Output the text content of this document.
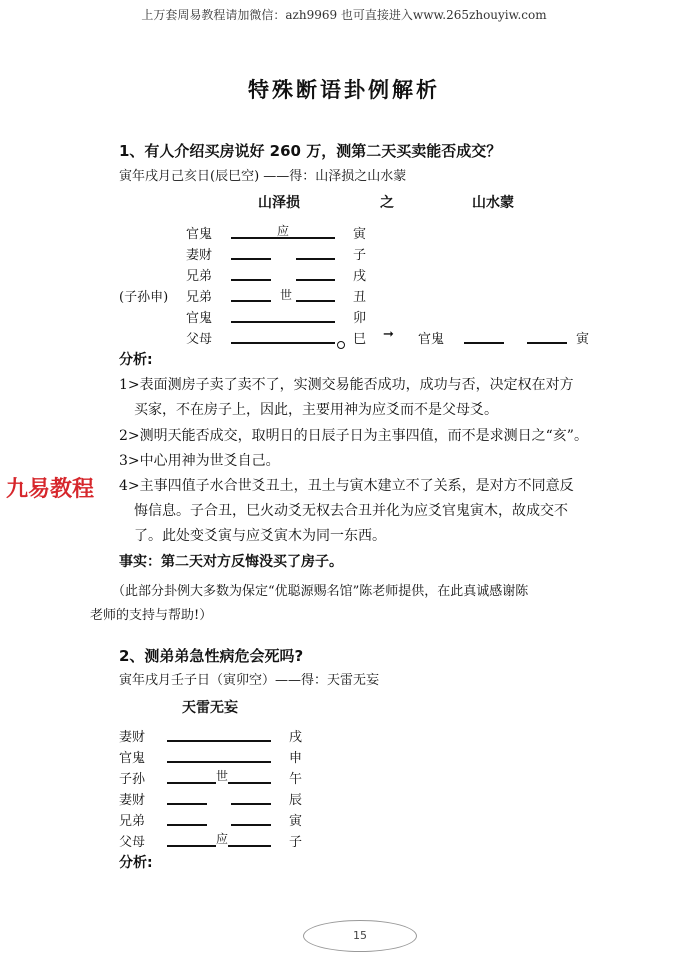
上万套周易教程请加微信：azh9969 也可直接进入www.265zhouyiw.com
特殊断语卦例解析
1、有人介绍买房说好 260 万，测第二天买卖能否成交？
寅年戌月己亥日(辰巳空) ——得：山泽损之山水蒙
山泽损	之	山水蒙
官鬼	应	寅
妻财	子
兄弟	戌
(子孙申) 兄弟	世	丑
官鬼	卯
父母	巳 ➞ 官鬼	寅
分析:
1>表面测房子卖了卖不了，实测交易能否成功，成功与否，决定权在对方
买家，不在房子上，因此，主要用神为应爻而不是父母爻。
2>测明天能否成交，取明日的日辰子日为主事四值，而不是求测日之“亥”。
3>中心用神为世爻自己。
4>主事四值子水合世爻丑土，丑土与寅木建立不了关系，是对方不同意反
悔信息。子合丑，巳火动爻无权去合丑并化为应爻官鬼寅木，故成交不
了。此处变爻寅与应爻寅木为同一东西。
九易教程
事实：第二天对方反悔没买了房子。
（此部分卦例大多数为保定“优聪源赐名馆”陈老师提供，在此真诚感谢陈
老师的支持与帮助!）
2、测弟弟急性病危会死吗?
寅年戌月壬子日（寅卯空）——得：天雷无妄
天雷无妄
妻财	戌
官鬼	申
子孙	世	午
妻财	辰
兄弟	寅
父母	应	子
分析:
15
